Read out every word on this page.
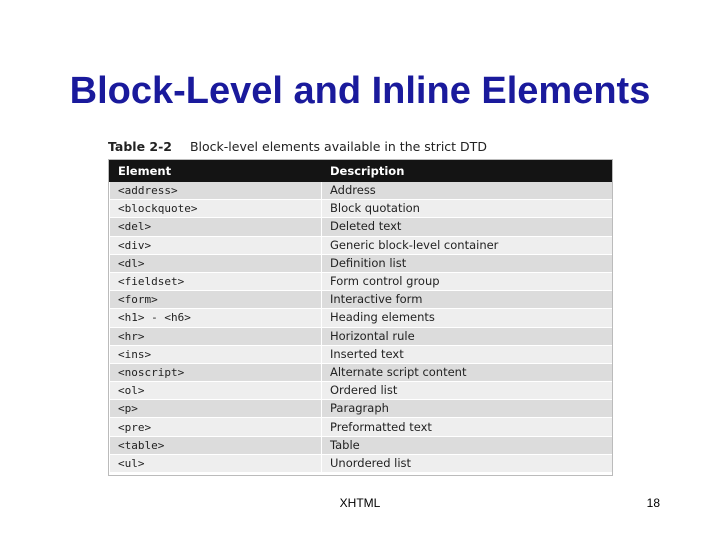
Block-Level and Inline Elements
Table 2-2 Block-level elements available in the strict DTD
Element	Description
<address>	Address
<blockquote>	Block quotation
<del>	Deleted text
<div>	Generic block-level container
<dl>	Definition list
<fieldset>	Form control group
<form>	Interactive form
<h1> - <h6>	Heading elements
<hr>	Horizontal rule
<ins>	Inserted text
<noscript>	Alternate script content
<ol>	Ordered list
<p>	Paragraph
<pre>	Preformatted text
<table>	Table
<ul>	Unordered list
XHTML	18
